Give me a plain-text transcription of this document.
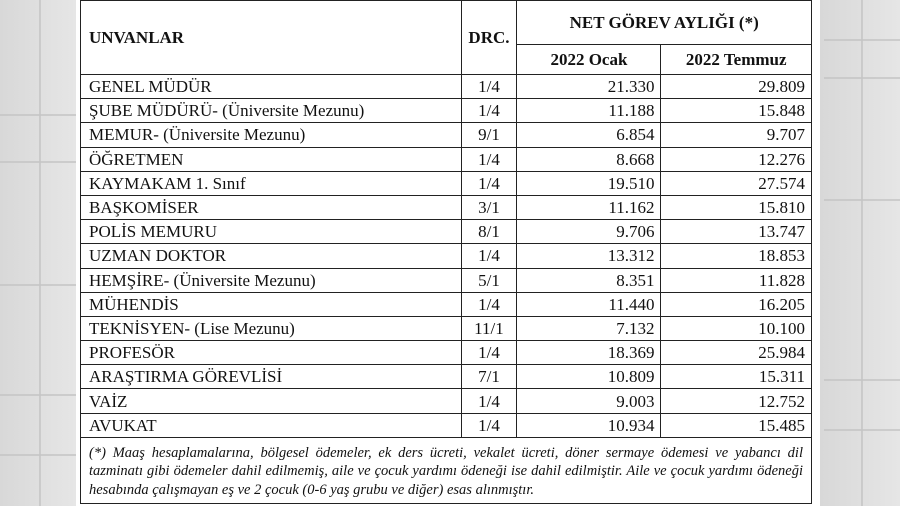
UNVANLAR	DRC.	NET GÖREV AYLIĞI (*)	
		2022 Ocak	2022 Temmuz
GENEL MÜDÜR	1/4	21.330	29.809
ŞUBE MÜDÜRÜ- (Üniversite Mezunu)	1/4	11.188	15.848
MEMUR- (Üniversite Mezunu)	9/1	6.854	9.707
ÖĞRETMEN	1/4	8.668	12.276
KAYMAKAM 1. Sınıf	1/4	19.510	27.574
BAŞKOMİSER	3/1	11.162	15.810
POLİS MEMURU	8/1	9.706	13.747
UZMAN DOKTOR	1/4	13.312	18.853
HEMŞİRE- (Üniversite Mezunu)	5/1	8.351	11.828
MÜHENDİS	1/4	11.440	16.205
TEKNİSYEN- (Lise Mezunu)	11/1	7.132	10.100
PROFESÖR	1/4	18.369	25.984
ARAŞTIRMA GÖREVLİSİ	7/1	10.809	15.311
VAİZ	1/4	9.003	12.752
AVUKAT	1/4	10.934	15.485
(*) Maaş hesaplamalarına, bölgesel ödemeler, ek ders ücreti, vekalet ücreti, döner sermaye ödemesi ve yabancı dil tazminatı gibi ödemeler dahil edilmemiş, aile ve çocuk yardımı ödeneği ise dahil edilmiştir. Aile ve çocuk yardımı ödeneği hesabında çalışmayan eş ve 2 çocuk (0-6 yaş grubu ve diğer) esas alınmıştır.			
